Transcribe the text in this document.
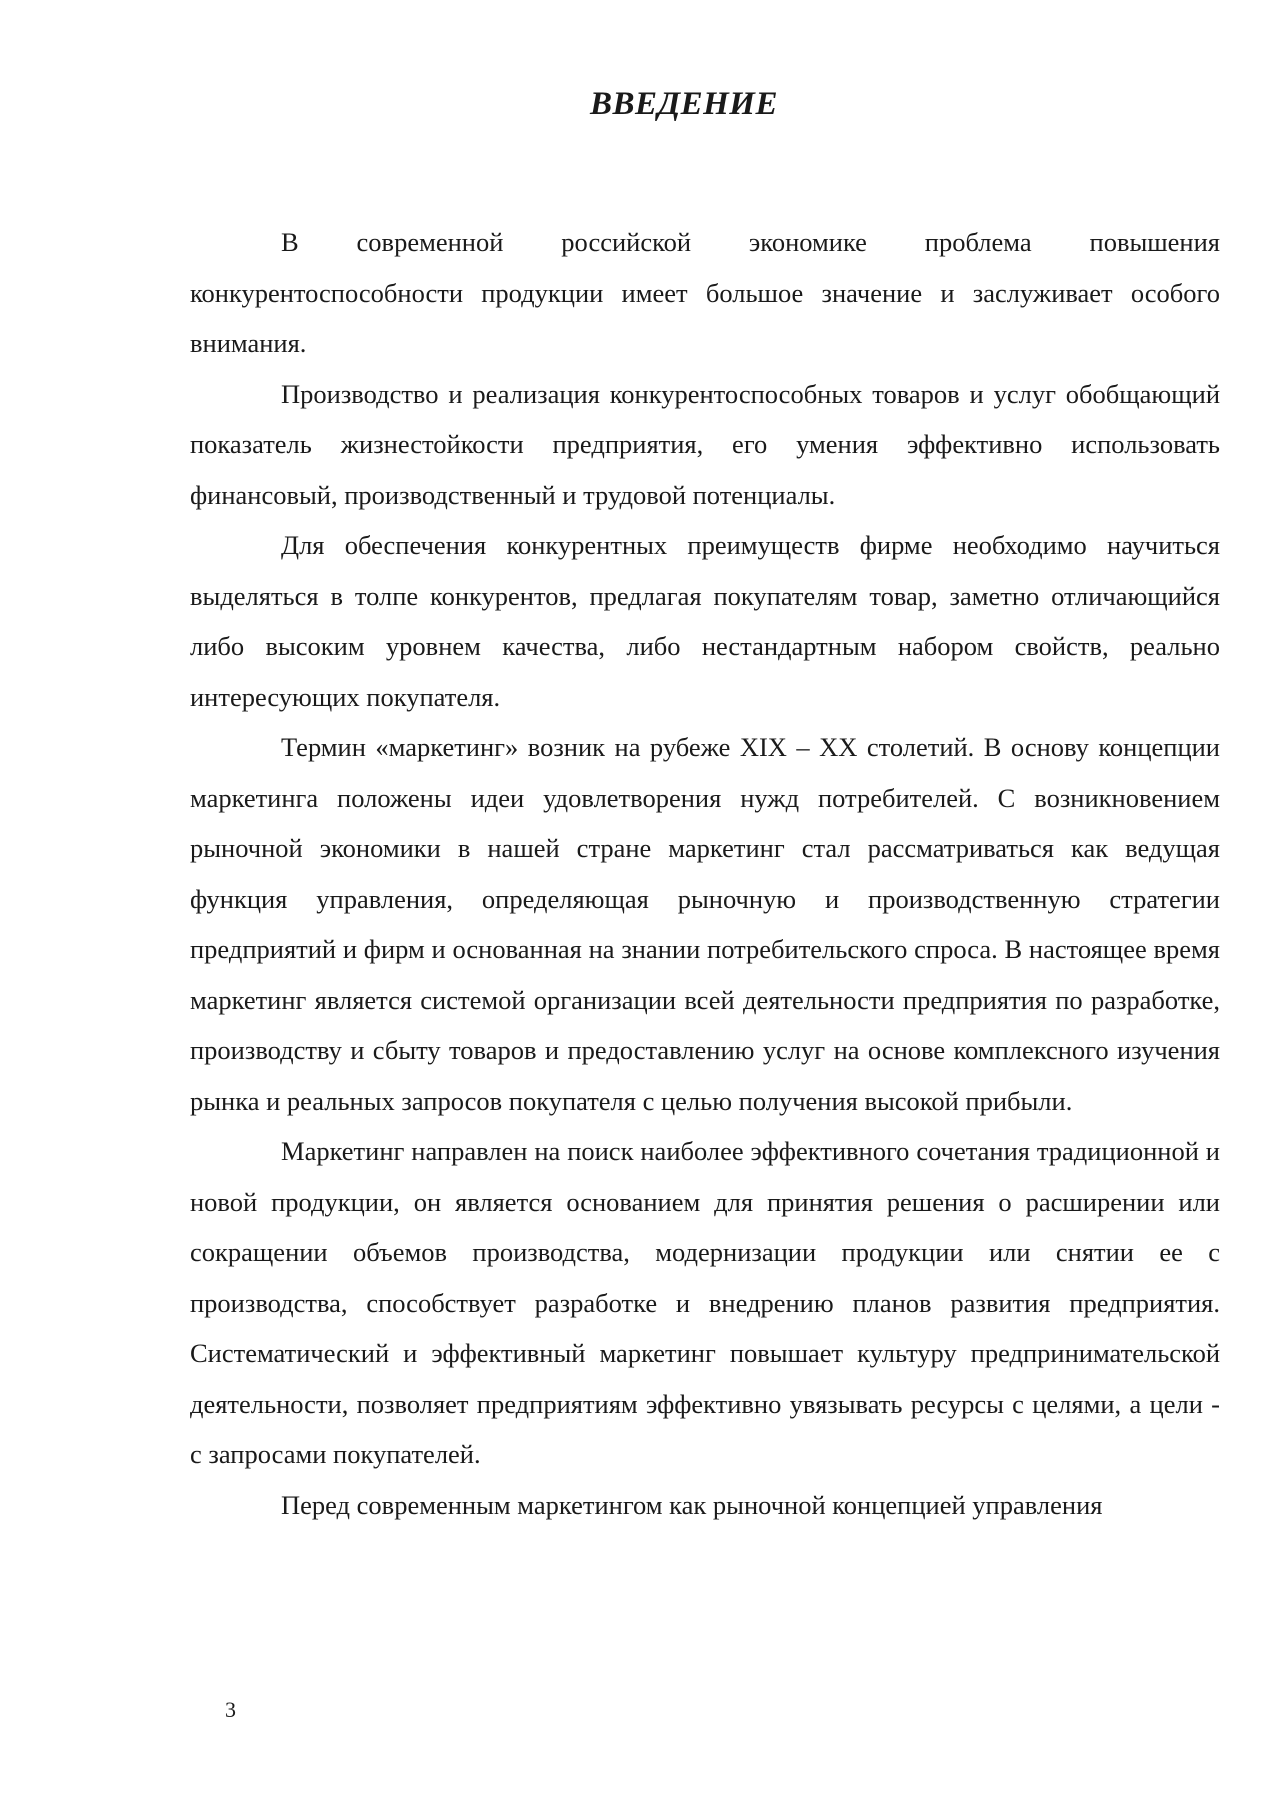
ВВЕДЕНИЕ

В современной российской экономике проблема повышения конкурентоспособности продукции имеет большое значение и заслуживает особого внимания.

Производство и реализация конкурентоспособных товаров и услуг обобщающий показатель жизнестойкости предприятия, его умения эффективно использовать финансовый, производственный и трудовой потенциалы.

Для обеспечения конкурентных преимуществ фирме необходимо научиться выделяться в толпе конкурентов, предлагая покупателям товар, заметно отличающийся либо высоким уровнем качества, либо нестандартным набором свойств, реально интересующих покупателя.

Термин «маркетинг» возник на рубеже XIX – XX столетий. В основу концепции маркетинга положены идеи удовлетворения нужд потребителей. С возникновением рыночной экономики в нашей стране маркетинг стал рассматриваться как ведущая функция управления, определяющая рыночную и производственную стратегии предприятий и фирм и основанная на знании потребительского спроса. В настоящее время маркетинг является системой организации всей деятельности предприятия по разработке, производству и сбыту товаров и предоставлению услуг на основе комплексного изучения рынка и реальных запросов покупателя с целью получения высокой прибыли.

Маркетинг направлен на поиск наиболее эффективного сочетания традиционной и новой продукции, он является основанием для принятия решения о расширении или сокращении объемов производства, модернизации продукции или снятии ее с производства, способствует разработке и внедрению планов развития предприятия. Систематический и эффективный маркетинг повышает культуру предпринимательской деятельности, позволяет предприятиям эффективно увязывать ресурсы с целями, а цели - с запросами покупателей.

Перед современным маркетингом как рыночной концепцией управления

3
